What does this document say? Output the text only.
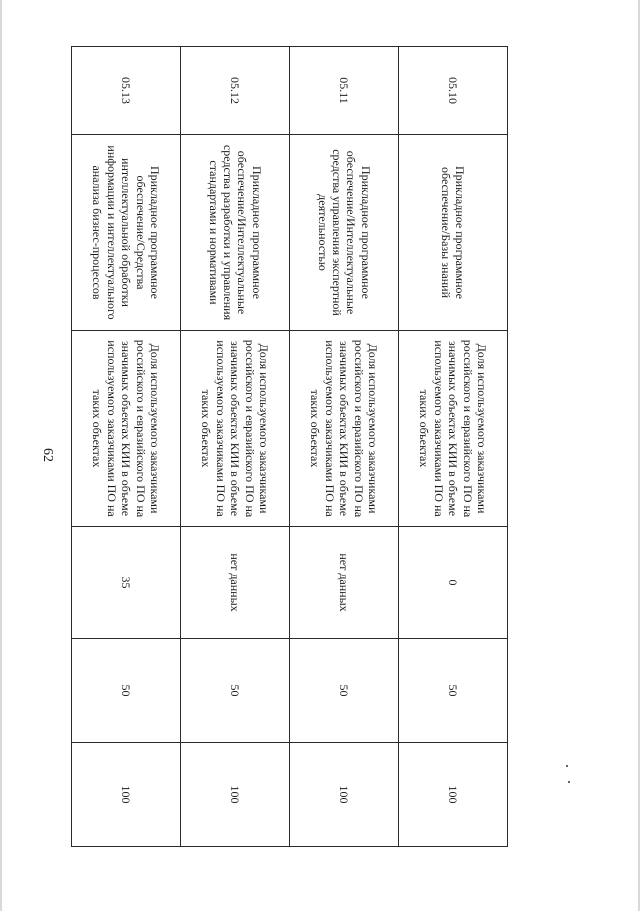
62
05.10	Прикладное программное обеспечение/Базы знаний	Доля используемого заказчиками российского и евразийского ПО на значимых объектах КИИ в объеме используемого заказчиками ПО на таких объектах	0	50	100
05.11	Прикладное программное обеспечение/Интеллектуальные средства управления экспертной деятельностью	Доля используемого заказчиками российского и евразийского ПО на значимых объектах КИИ в объеме используемого заказчиками ПО на таких объектах	нет данных	50	100
05.12	Прикладное программное обеспечение/Интеллектуальные средства разработки и управления стандартами и нормативами	Доля используемого заказчиками российского и евразийского ПО на значимых объектах КИИ в объеме используемого заказчиками ПО на таких объектах	нет данных	50	100
05.13	Прикладное программное обеспечение/Средства интеллектуальной обработки информации и интеллектуального анализа бизнес-процессов	Доля используемого заказчиками российского и евразийского ПО на значимых объектах КИИ в объеме используемого заказчиками ПО на таких объектах	35	50	100
